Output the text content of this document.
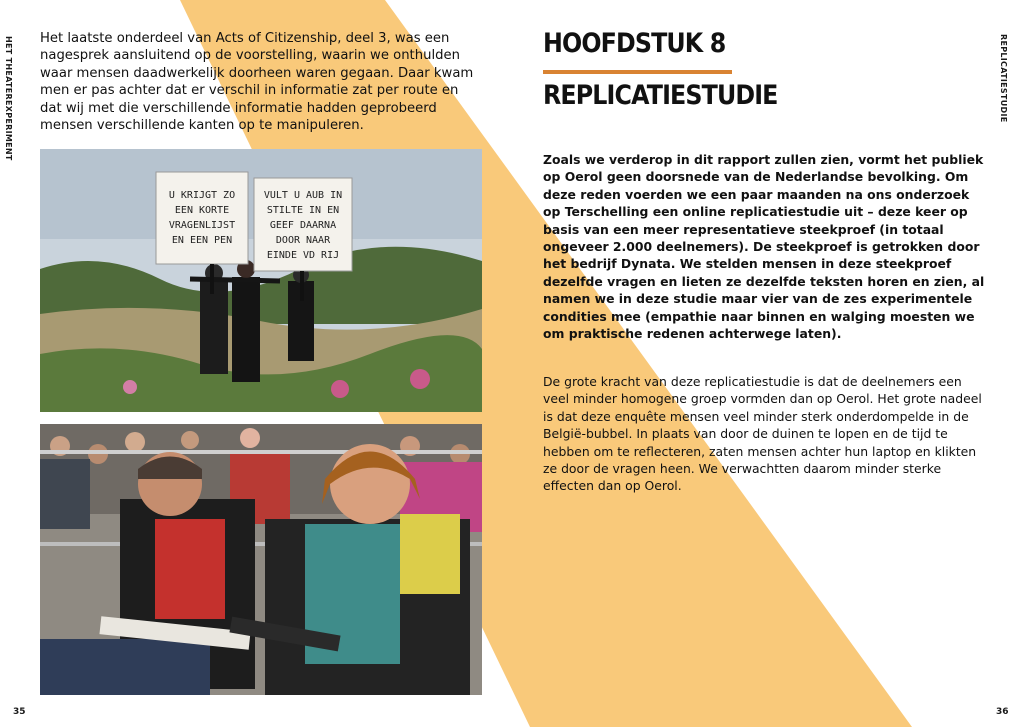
HET THEATEREXPERIMENT	REPLICATIESTUDIE

Het laatste onderdeel van Acts of Citizenship, deel 3, was een nagesprek aansluitend op de voorstelling, waarin we onthulden waar mensen daadwerkelijk doorheen waren gegaan. Daar kwam men er pas achter dat er verschil in informatie zat per route en dat wij met die verschillende informatie hadden geprobeerd mensen verschillende kanten op te manipuleren.

U KRIJGT ZO
EEN KORTE
VRAGENLIJST
EN EEN PEN
VULT U AUB IN
STILTE IN EN
GEEF DAARNA
DOOR NAAR
EINDE VD RIJ
HOOFDSTUK 8
REPLICATIESTUDIE

Zoals we verderop in dit rapport zullen zien, vormt het publiek op Oerol geen doorsnede van de Nederlandse bevolking. Om deze reden voerden we een paar maanden na ons onderzoek op Terschelling een online replicatiestudie uit – deze keer op basis van een meer representatieve steekproef (in totaal ongeveer 2.000 deelnemers). De steekproef is getrokken door het bedrijf Dynata. We stelden mensen in deze steekproef dezelfde vragen en lieten ze dezelfde teksten horen en zien, al namen we in deze studie maar vier van de zes experimentele condities mee (empathie naar binnen en walging moesten we om praktische redenen achterwege laten).

De grote kracht van deze replicatiestudie is dat de deelnemers een veel minder homogene groep vormden dan op Oerol. Het grote nadeel is dat deze enquête mensen veel minder sterk onderdompelde in de België-bubbel. In plaats van door de duinen te lopen en de tijd te hebben om te reflecteren, zaten mensen achter hun laptop en klikten ze door de vragen heen. We verwachtten daarom minder sterke effecten dan op Oerol.

35	36
